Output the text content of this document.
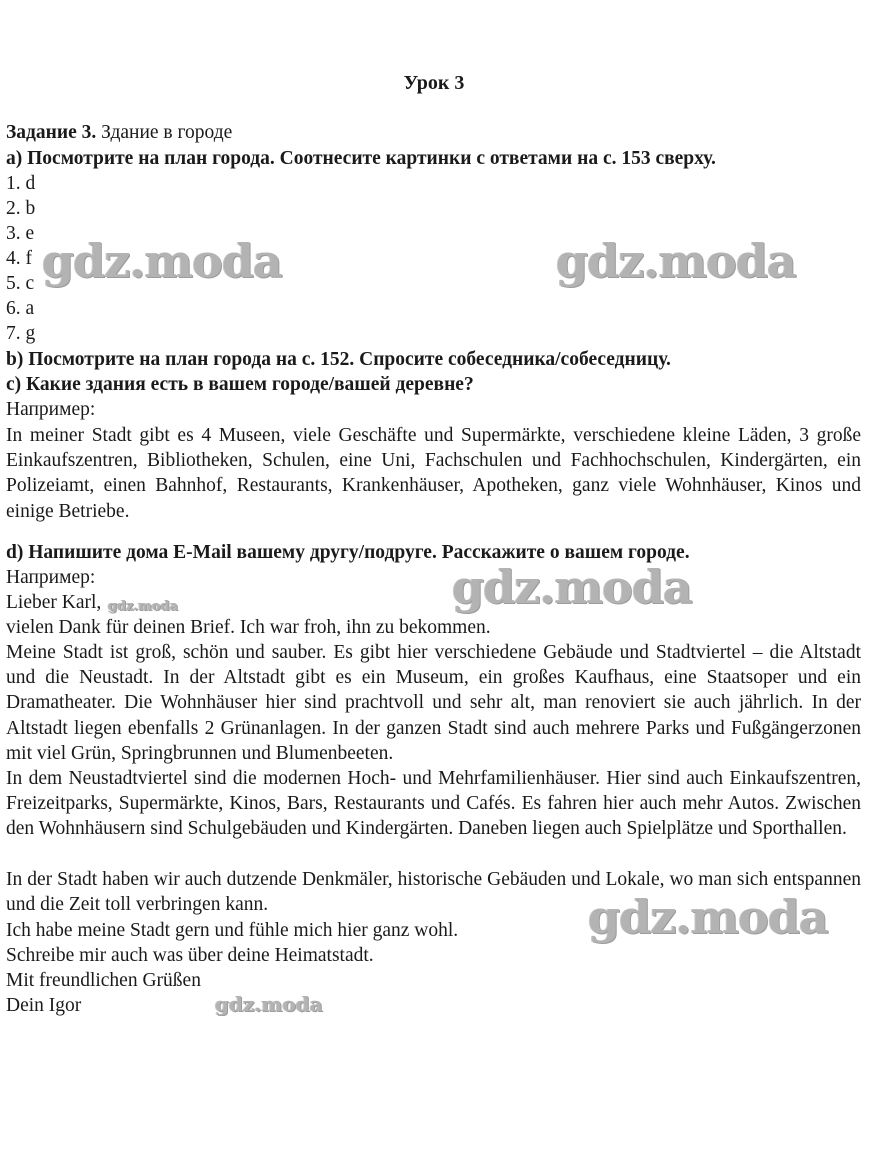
Урок 3
Задание 3. Здание в городе
а) Посмотрите на план города. Соотнесите картинки с ответами на с. 153 сверху.
1. d
2. b
3. e
4. f
5. c
6. a
7. g
b) Посмотрите на план города на с. 152. Спросите собеседника/собеседницу.
c) Какие здания есть в вашем городе/вашей деревне?
Например:
In meiner Stadt gibt es 4 Museen, viele Geschäfte und Supermärkte, verschiedene kleine Läden, 3 große Einkaufszentren, Bibliotheken, Schulen, eine Uni, Fachschulen und Fachhochschulen, Kindergärten, ein Polizeiamt, einen Bahnhof, Restaurants, Krankenhäuser, Apotheken, ganz viele Wohnhäuser, Kinos und einige Betriebe.
d) Напишите дома E-Mail вашему другу/подруге. Расскажите о вашем городе.
Например:
Lieber Karl,
vielen Dank für deinen Brief. Ich war froh, ihn zu bekommen.
Meine Stadt ist groß, schön und sauber. Es gibt hier verschiedene Gebäude und Stadtviertel – die Altstadt und die Neustadt. In der Altstadt gibt es ein Museum, ein großes Kaufhaus, eine Staatsoper und ein Dramatheater. Die Wohnhäuser hier sind prachtvoll und sehr alt, man renoviert sie auch jährlich. In der Altstadt liegen ebenfalls 2 Grünanlagen. In der ganzen Stadt sind auch mehrere Parks und Fußgängerzonen mit viel Grün, Springbrunnen und Blumenbeeten.
In dem Neustadtviertel sind die modernen Hoch- und Mehrfamilienhäuser. Hier sind auch Einkaufszentren, Freizeitparks, Supermärkte, Kinos, Bars, Restaurants und Cafés. Es fahren hier auch mehr Autos. Zwischen den Wohnhäusern sind Schulgebäuden und Kindergärten. Daneben liegen auch Spielplätze und Sporthallen.
In der Stadt haben wir auch dutzende Denkmäler, historische Gebäuden und Lokale, wo man sich entspannen und die Zeit toll verbringen kann.
Ich habe meine Stadt gern und fühle mich hier ganz wohl.
Schreibe mir auch was über deine Heimatstadt.
Mit freundlichen Grüßen
Dein Igor
gdz.moda	gdz.moda
gdz.moda
gdz.moda
gdz.moda
gdz.moda
